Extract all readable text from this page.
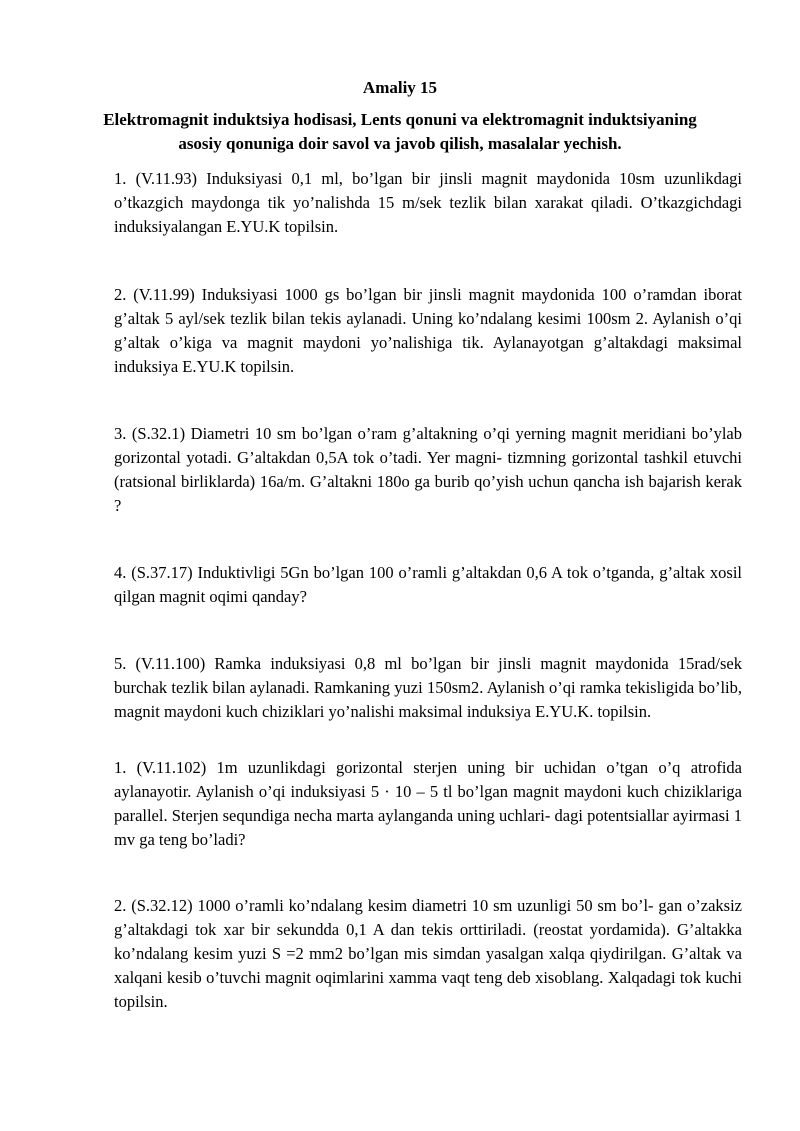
Amaliy 15
Elektromagnit induktsiya hodisasi, Lents qonuni va elektromagnit induktsiyaning asosiy qonuniga doir savol va javob qilish, masalalar yechish.
1. (V.11.93) Induksiyasi 0,1 ml, bo’lgan bir jinsli magnit maydonida 10sm uzunlikdagi o’tkazgich maydonga tik yo’nalishda 15 m/sek tezlik bilan xarakat qiladi. O’tkazgichdagi induksiyalangan E.YU.K topilsin.
2. (V.11.99) Induksiyasi 1000 gs bo’lgan bir jinsli magnit maydonida 100 o’ramdan iborat g’altak 5 ayl/sek tezlik bilan tekis aylanadi. Uning ko’ndalang kesimi 100sm 2. Aylanish o’qi g’altak o’kiga va magnit maydoni yo’nalishiga tik. Aylanayotgan g’altakdagi maksimal induksiya E.YU.K topilsin.
3. (S.32.1) Diametri 10 sm bo’lgan o’ram g’altakning o’qi yerning magnit meridiani bo’ylab gorizontal yotadi. G’altakdan 0,5A tok o’tadi. Yer magni- tizmning gorizontal tashkil etuvchi (ratsional birliklarda) 16a/m. G’altakni 180o ga burib qo’yish uchun qancha ish bajarish kerak ?
4. (S.37.17) Induktivligi 5Gn bo’lgan 100 o’ramli g’altakdan 0,6 A tok o’tganda, g’altak xosil qilgan magnit oqimi qanday?
5. (V.11.100) Ramka induksiyasi 0,8 ml bo’lgan bir jinsli magnit maydonida 15rad/sek burchak tezlik bilan aylanadi. Ramkaning yuzi 150sm2. Aylanish o’qi ramka tekisligida bo’lib, magnit maydoni kuch chiziklari yo’nalishi maksimal induksiya E.YU.K. topilsin.
1. (V.11.102) 1m uzunlikdagi gorizontal sterjen uning bir uchidan o’tgan o’q atrofida aylanayotir. Aylanish o’qi induksiyasi 5 · 10 – 5 tl bo’lgan magnit maydoni kuch chiziklariga parallel. Sterjen sequndiga necha marta aylanganda uning uchlari- dagi potentsiallar ayirmasi 1 mv ga teng bo’ladi?
2. (S.32.12) 1000 o’ramli ko’ndalang kesim diametri 10 sm uzunligi 50 sm bo’l- gan o’zaksiz g’altakdagi tok xar bir sekundda 0,1 A dan tekis orttiriladi. (reostat yordamida). G’altakka ko’ndalang kesim yuzi S =2 mm2 bo’lgan mis simdan yasalgan xalqa qiydirilgan. G’altak va xalqani kesib o’tuvchi magnit oqimlarini xamma vaqt teng deb xisoblang. Xalqadagi tok kuchi topilsin.
